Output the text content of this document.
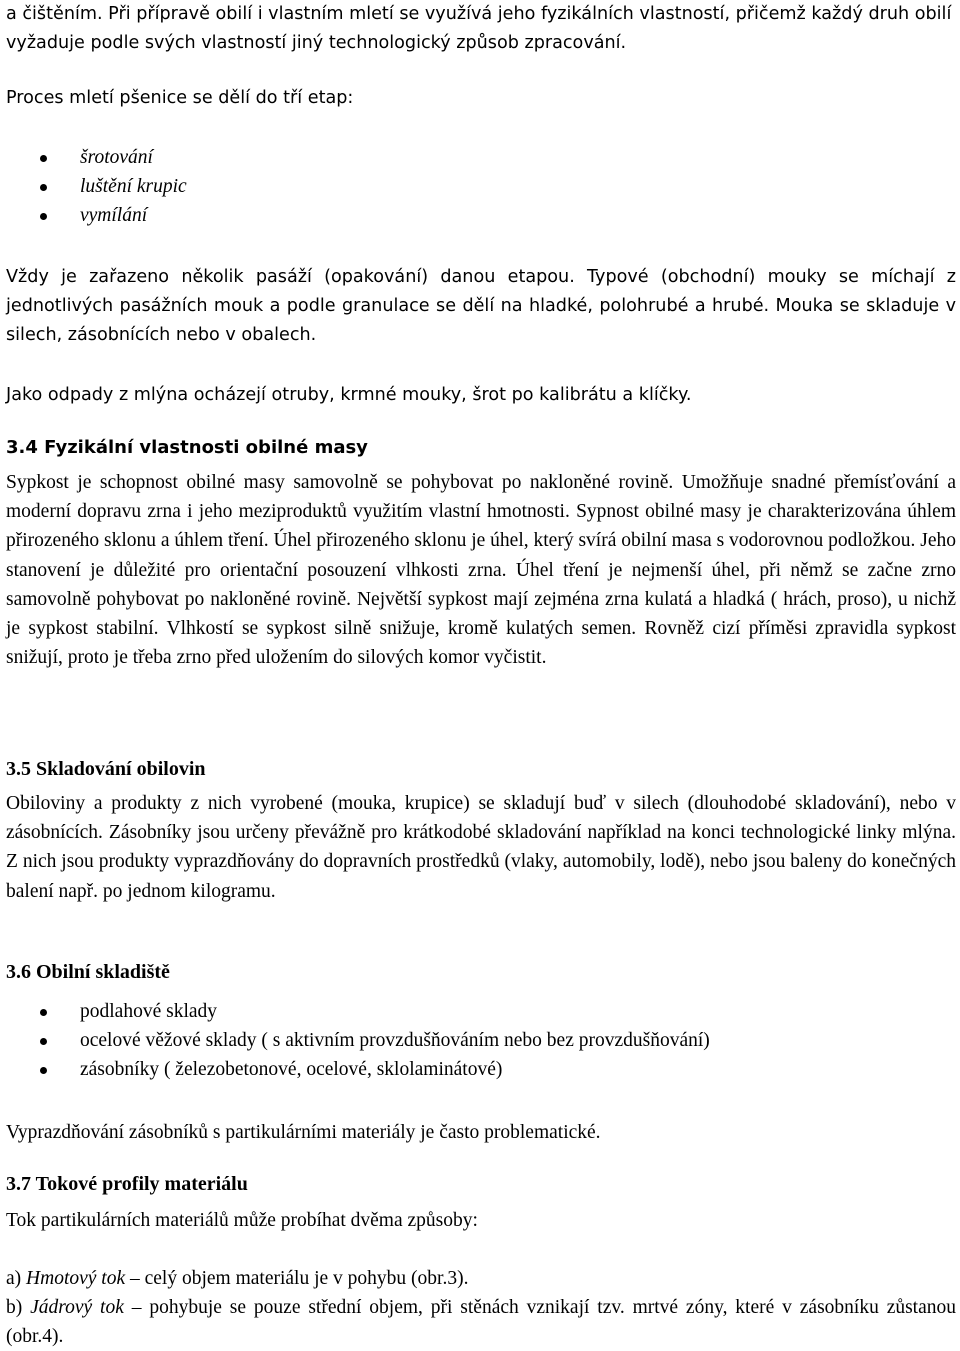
a čištěním. Při přípravě obilí i vlastním mletí se využívá jeho fyzikálních vlastností, přičemž každý druh obilí vyžaduje podle svých vlastností jiný technologický způsob zpracování.

Proces mletí pšenice se dělí do tří etap:

šrotování
luštění krupic
vymílání

Vždy je zařazeno několik pasáží (opakování) danou etapou. Typové (obchodní) mouky se míchají z jednotlivých pasážních mouk a podle granulace se dělí na hladké, polohrubé a hrubé. Mouka se skladuje v silech, zásobnících nebo v obalech.

Jako odpady z mlýna ocházejí otruby, krmné mouky, šrot po kalibrátu a klíčky.

3.4 Fyzikální vlastnosti obilné masy

Sypkost je schopnost obilné masy samovolně se pohybovat po nakloněné rovině. Umožňuje snadné přemísťování a moderní dopravu zrna i jeho meziproduktů využitím vlastní hmotnosti. Sypnost obilné masy je charakterizována úhlem přirozeného sklonu a úhlem tření. Úhel přirozeného sklonu je úhel, který svírá obilní masa s vodorovnou podložkou. Jeho stanovení je důležité pro orientační posouzení vlhkosti zrna. Úhel tření je nejmenší úhel, při němž se začne zrno samovolně pohybovat po nakloněné rovině. Největší sypkost mají zejména zrna kulatá a hladká ( hrách, proso), u nichž je sypkost stabilní. Vlhkostí se sypkost silně snižuje, kromě kulatých semen. Rovněž cizí příměsi zpravidla sypkost snižují, proto je třeba zrno před uložením do silových komor vyčistit.

3.5 Skladování obilovin

Obiloviny a produkty z nich vyrobené (mouka, krupice) se skladují buď v silech (dlouhodobé skladování), nebo v zásobnících. Zásobníky jsou určeny převážně pro krátkodobé skladování například na konci technologické linky mlýna. Z nich jsou produkty vyprazdňovány do dopravních prostředků (vlaky, automobily, lodě), nebo jsou baleny do konečných balení např. po jednom kilogramu.

3.6 Obilní skladiště
podlahové sklady
ocelové věžové sklady ( s aktivním provzdušňováním nebo bez provzdušňování)
zásobníky ( železobetonové, ocelové, sklolaminátové)

Vyprazdňování zásobníků s partikulárními materiály je často problematické.

3.7 Tokové profily materiálu

Tok partikulárních materiálů může probíhat dvěma způsoby:

a) Hmotový tok – celý objem materiálu je v pohybu (obr.3).

b) Jádrový tok – pohybuje se pouze střední objem, při stěnách vznikají tzv. mrtvé zóny, které v zásobníku zůstanou (obr.4).
